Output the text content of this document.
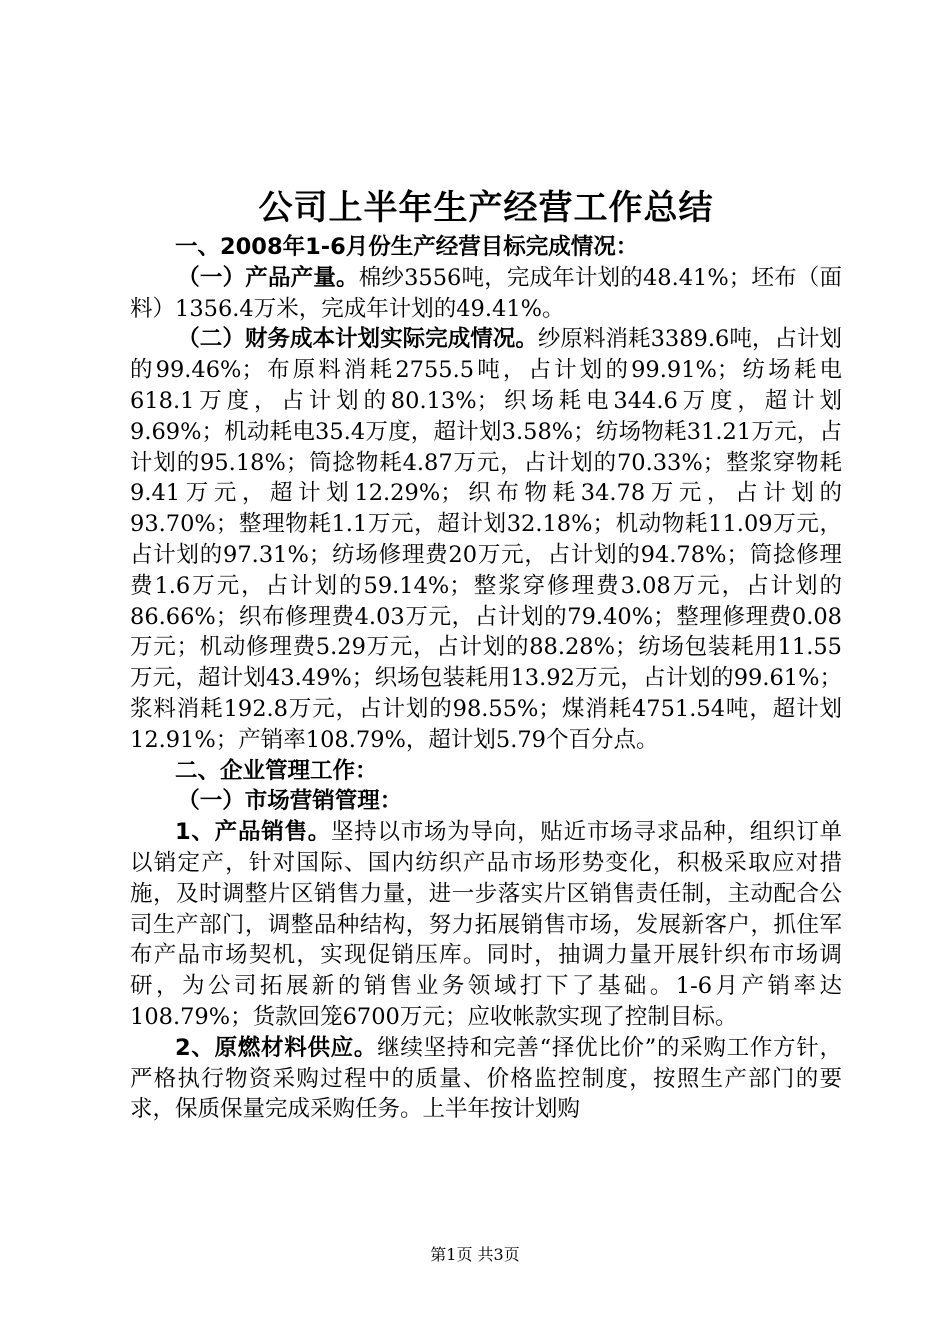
公司上半年生产经营工作总结

一、2008年1-6月份生产经营目标完成情况：

（一）产品产量。棉纱3556吨，完成年计划的48.41%；坯布（面料）1356.4万米，完成年计划的49.41%。

（二）财务成本计划实际完成情况。纱原料消耗3389.6吨，占计划的99.46%；布原料消耗2755.5吨，占计划的99.91%；纺场耗电618.1万度，占计划的80.13%；织场耗电344.6万度，超计划9.69%；机动耗电35.4万度，超计划3.58%；纺场物耗31.21万元，占计划的95.18%；筒捻物耗4.87万元，占计划的70.33%；整浆穿物耗9.41万元，超计划12.29%；织布物耗34.78万元，占计划的93.70%；整理物耗1.1万元，超计划32.18%；机动物耗11.09万元，占计划的97.31%；纺场修理费20万元，占计划的94.78%；筒捻修理费1.6万元，占计划的59.14%；整浆穿修理费3.08万元，占计划的86.66%；织布修理费4.03万元，占计划的79.40%；整理修理费0.08万元；机动修理费5.29万元，占计划的88.28%；纺场包装耗用11.55万元，超计划43.49%；织场包装耗用13.92万元，占计划的99.61%；浆料消耗192.8万元，占计划的98.55%；煤消耗4751.54吨，超计划12.91%；产销率108.79%，超计划5.79个百分点。

二、企业管理工作：

（一）市场营销管理：

1、产品销售。坚持以市场为导向，贴近市场寻求品种，组织订单以销定产，针对国际、国内纺织产品市场形势变化，积极采取应对措施，及时调整片区销售力量，进一步落实片区销售责任制，主动配合公司生产部门，调整品种结构，努力拓展销售市场，发展新客户，抓住军布产品市场契机，实现促销压库。同时，抽调力量开展针织布市场调研，为公司拓展新的销售业务领域打下了基础。1-6月产销率达108.79%；货款回笼6700万元；应收帐款实现了控制目标。

2、原燃材料供应。继续坚持和完善“择优比价”的采购工作方针，严格执行物资采购过程中的质量、价格监控制度，按照生产部门的要求，保质保量完成采购任务。上半年按计划购

第1页 共3页
